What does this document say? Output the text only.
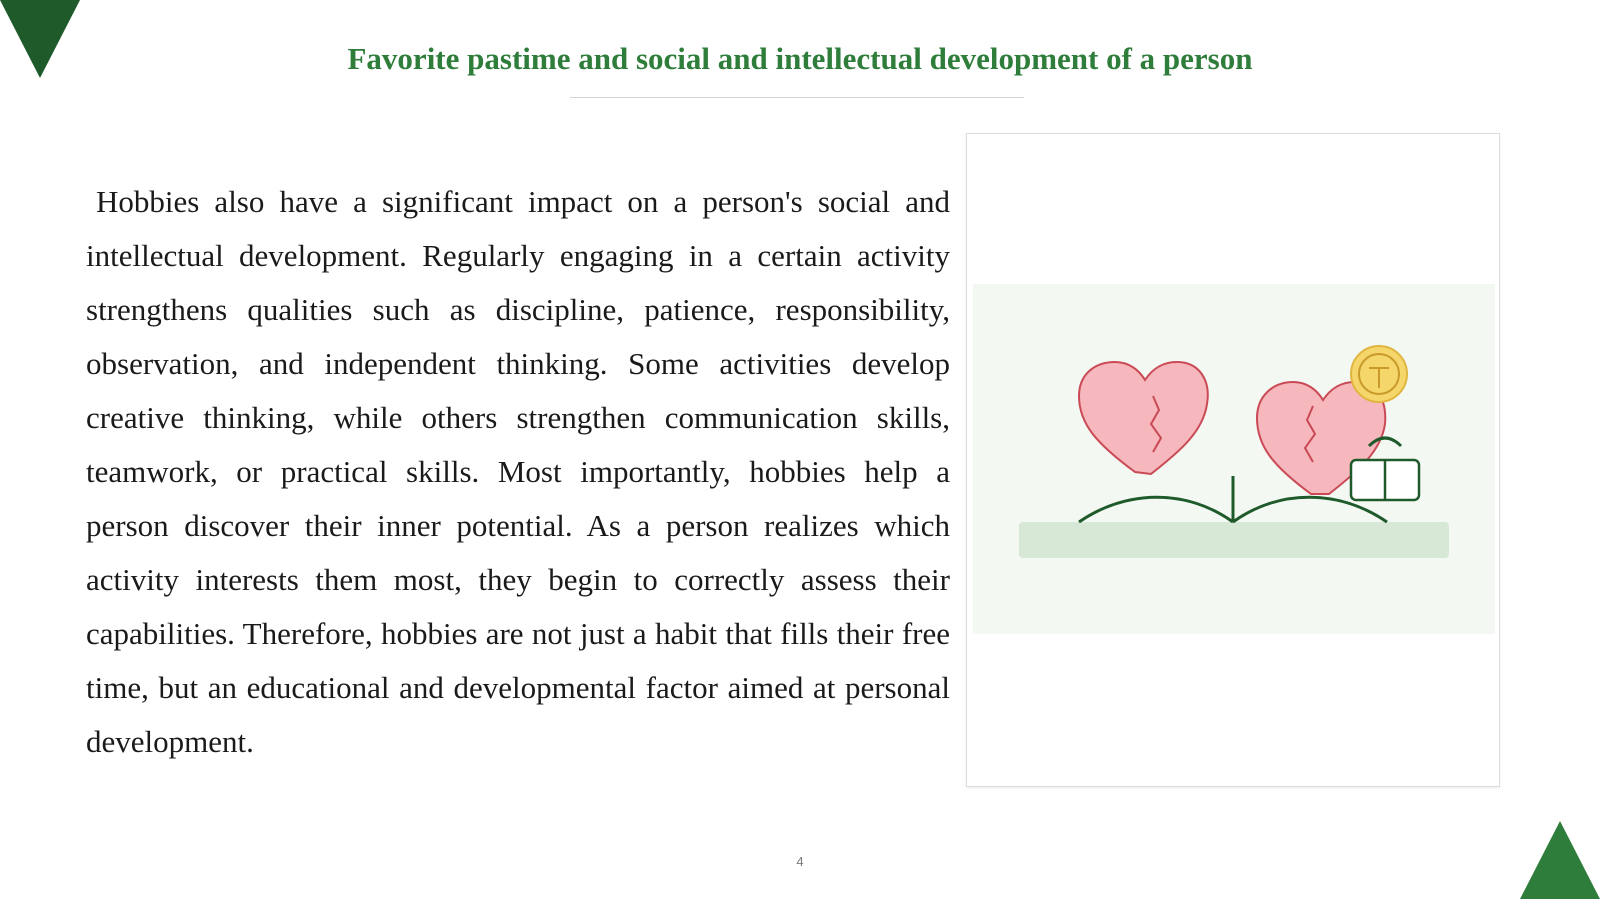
Favorite pastime and social and intellectual development of a person

Hobbies also have a significant impact on a person's social and intellectual development. Regularly engaging in a certain activity strengthens qualities such as discipline, patience, responsibility, observation, and independent thinking. Some activities develop creative thinking, while others strengthen communication skills, teamwork, or practical skills. Most importantly, hobbies help a person discover their inner potential. As a person realizes which activity interests them most, they begin to correctly assess their capabilities. Therefore, hobbies are not just a habit that fills their free time, but an educational and developmental factor aimed at personal development.

4
